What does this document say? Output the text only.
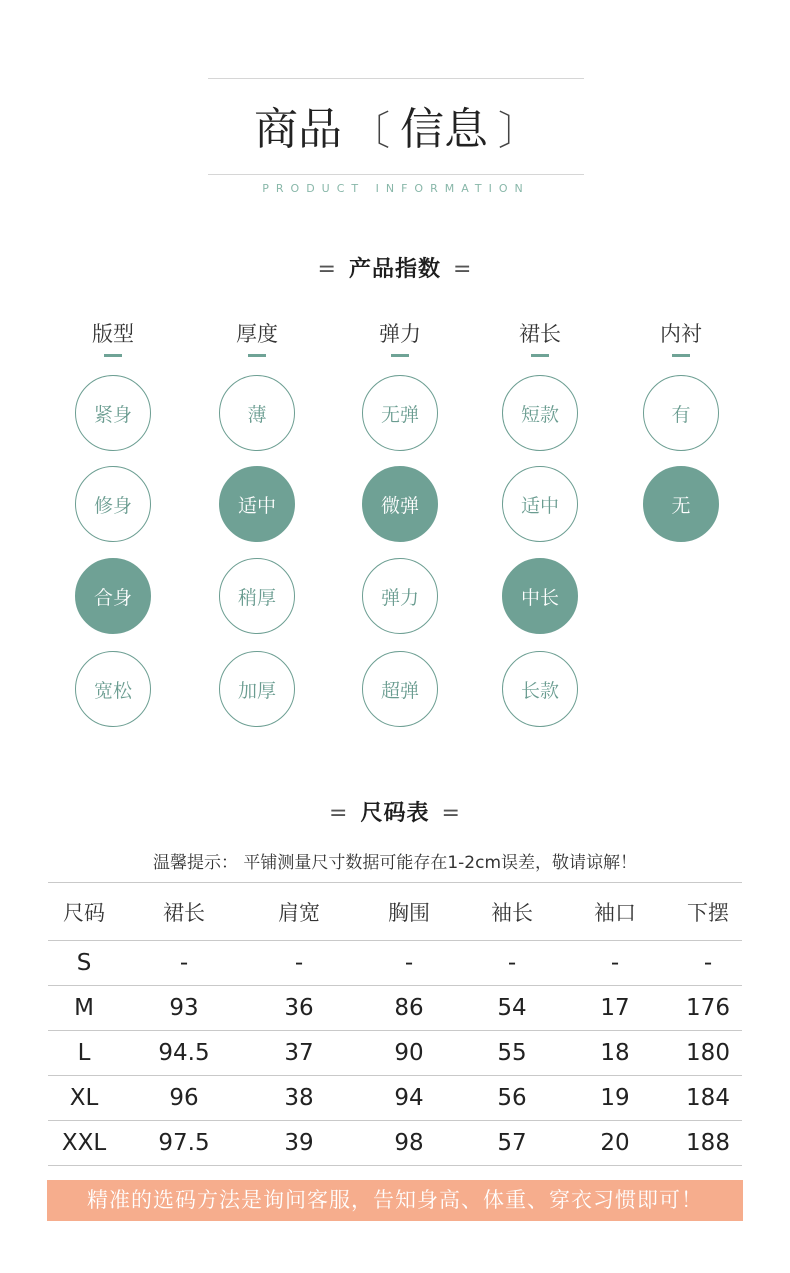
商品 〔 信息 〕
PRODUCT INFORMATION
= 产品指数 =
版型
紧身
修身
合身
宽松
厚度
薄
适中
稍厚
加厚
弹力
无弹
微弹
弹力
超弹
裙长
短款
适中
中长
长款
内衬
有
无
= 尺码表 =
温馨提示： 平铺测量尺寸数据可能存在1-2cm误差，敬请谅解！
尺码	裙长	肩宽	胸围	袖长	袖口	下摆
S	-	-	-	-	-	-
M	93	36	86	54	17	176
L	94.5	37	90	55	18	180
XL	96	38	94	56	19	184
XXL	97.5	39	98	57	20	188
精准的选码方法是询问客服，告知身高、体重、穿衣习惯即可！
